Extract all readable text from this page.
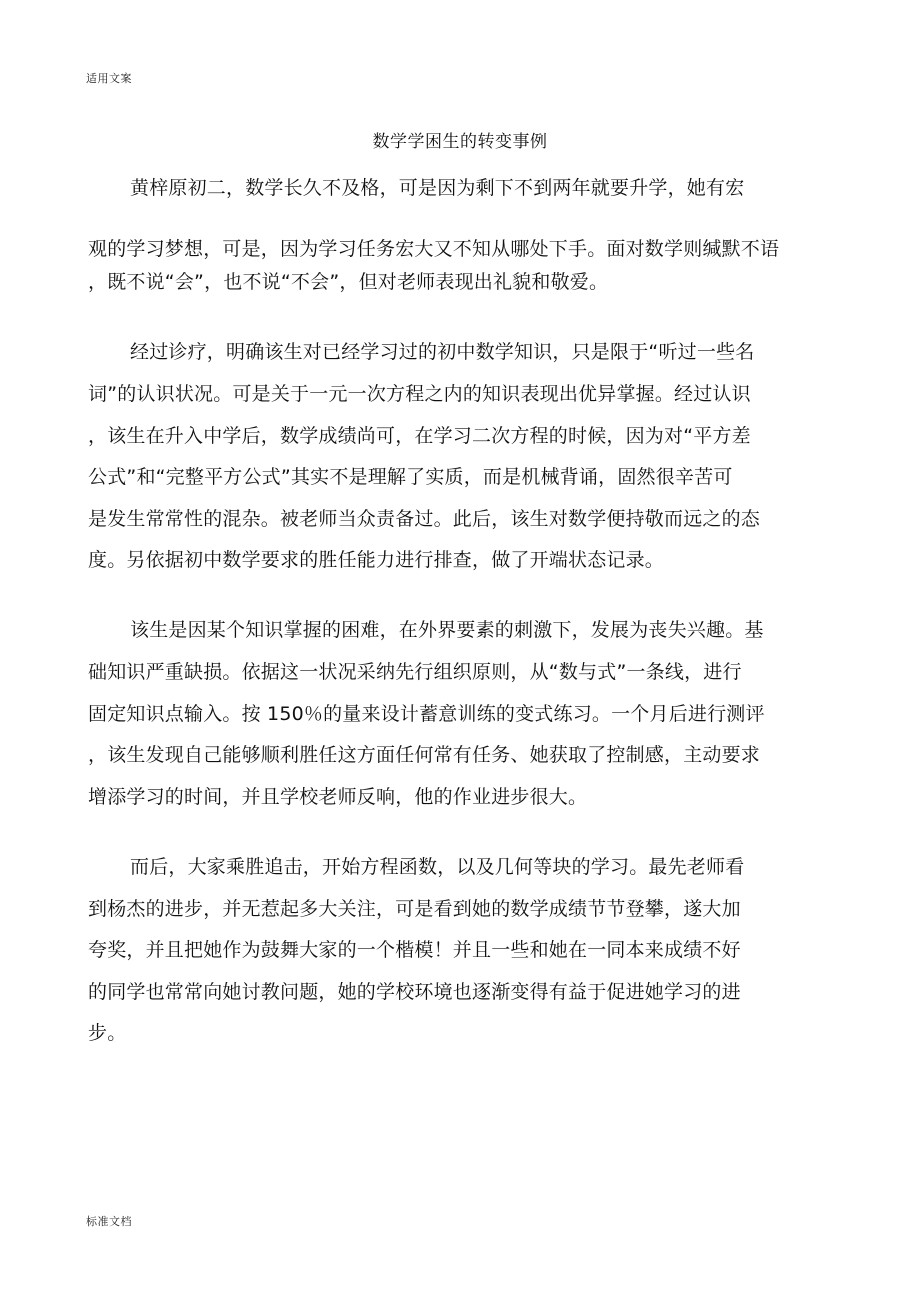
适用文案
数学学困生的转变事例
黄梓原初二，数学长久不及格，可是因为剩下不到两年就要升学，她有宏
观的学习梦想，可是，因为学习任务宏大又不知从哪处下手。面对数学则缄默不语
，既不说“会”，也不说“不会”，但对老师表现出礼貌和敬爱。
经过诊疗，明确该生对已经学习过的初中数学知识，只是限于“听过一些名
词”的认识状况。可是关于一元一次方程之内的知识表现出优异掌握。经过认识
，该生在升入中学后，数学成绩尚可，在学习二次方程的时候，因为对“平方差
公式”和“完整平方公式”其实不是理解了实质，而是机械背诵，固然很辛苦可
是发生常常性的混杂。被老师当众责备过。此后，该生对数学便持敬而远之的态
度。另依据初中数学要求的胜任能力进行排查，做了开端状态记录。
该生是因某个知识掌握的困难，在外界要素的刺激下，发展为丧失兴趣。基
础知识严重缺损。依据这一状况采纳先行组织原则，从“数与式”一条线，进行
固定知识点输入。按 150％的量来设计蓄意训练的变式练习。一个月后进行测评
，该生发现自己能够顺利胜任这方面任何常有任务、她获取了控制感，主动要求
增添学习的时间，并且学校老师反响，他的作业进步很大。
而后，大家乘胜追击，开始方程函数，以及几何等块的学习。最先老师看
到杨杰的进步，并无惹起多大关注，可是看到她的数学成绩节节登攀，遂大加
夸奖，并且把她作为鼓舞大家的一个楷模！并且一些和她在一同本来成绩不好
的同学也常常向她讨教问题，她的学校环境也逐渐变得有益于促进她学习的进
步。
标准文档
